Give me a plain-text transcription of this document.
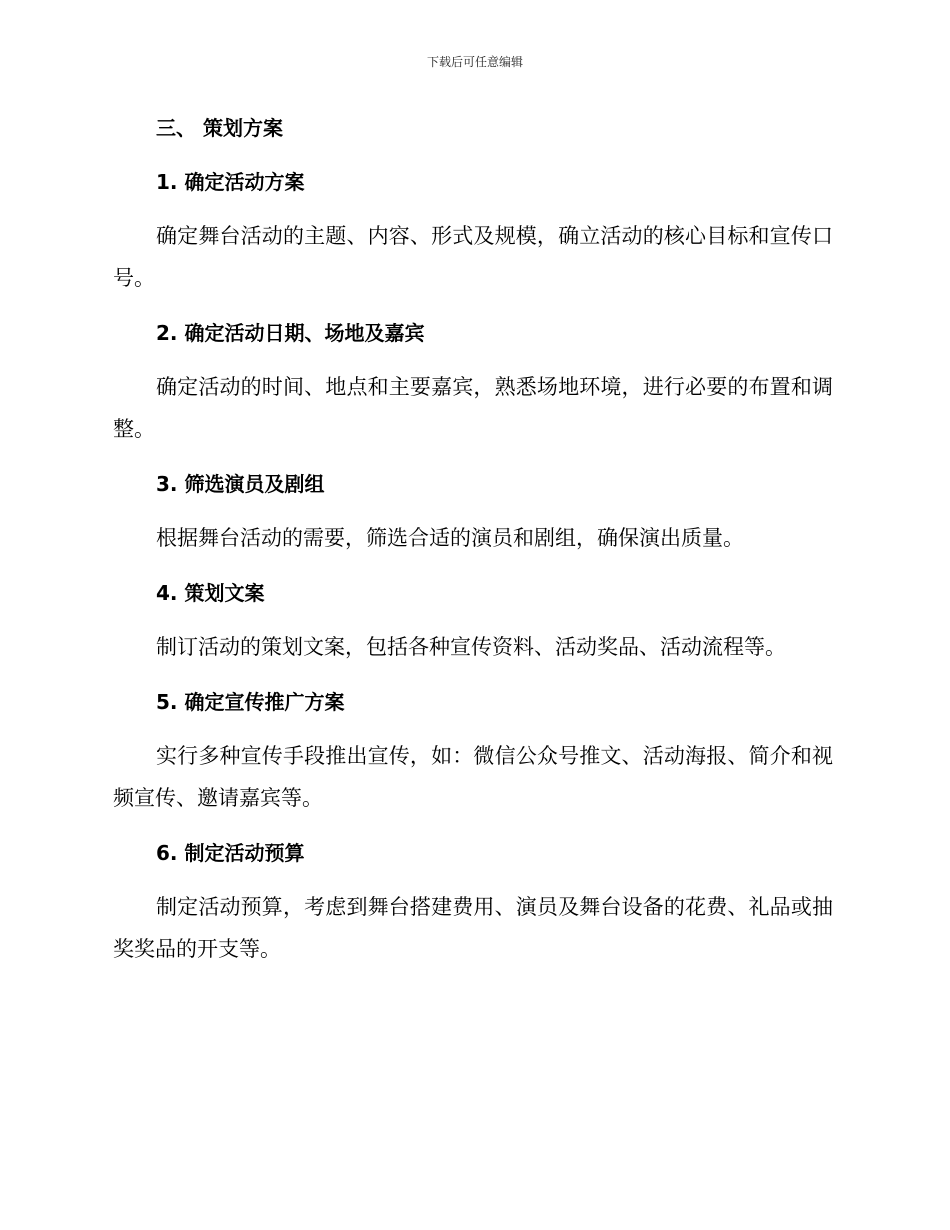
下载后可任意编辑
三、 策划方案
1. 确定活动方案

确定舞台活动的主题、内容、形式及规模，确立活动的核心目标和宣传口号。

2. 确定活动日期、场地及嘉宾

确定活动的时间、地点和主要嘉宾，熟悉场地环境，进行必要的布置和调整。

3. 筛选演员及剧组

根据舞台活动的需要，筛选合适的演员和剧组，确保演出质量。

4. 策划文案

制订活动的策划文案，包括各种宣传资料、活动奖品、活动流程等。

5. 确定宣传推广方案

实行多种宣传手段推出宣传，如：微信公众号推文、活动海报、简介和视频宣传、邀请嘉宾等。

6. 制定活动预算

制定活动预算，考虑到舞台搭建费用、演员及舞台设备的花费、礼品或抽奖奖品的开支等。
